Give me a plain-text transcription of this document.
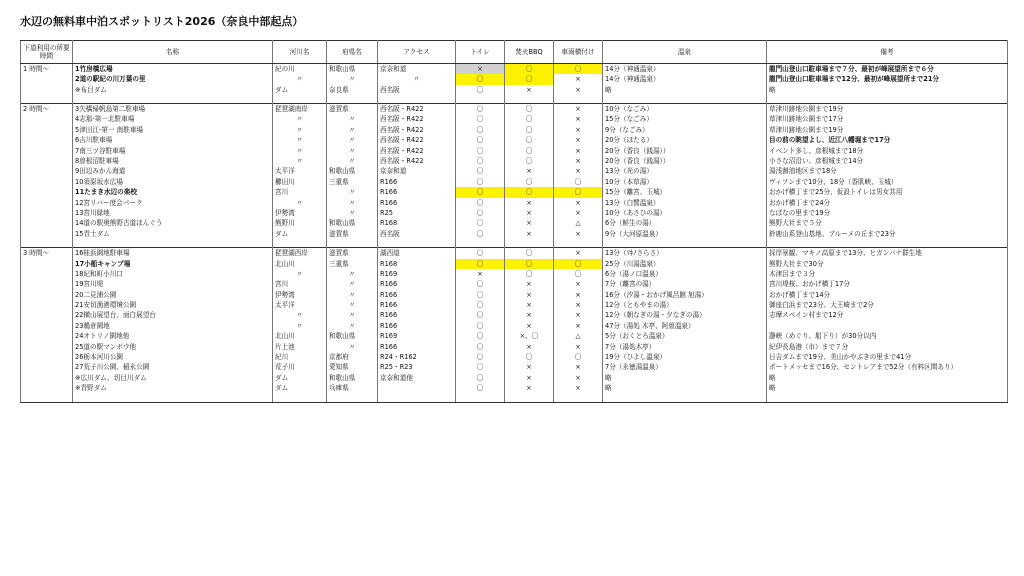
水辺の無料車中泊スポットリスト2026（奈良中部起点）
下道利用の所要時間	名称	河川名	府県名	アクセス	トイレ	焚火BBQ	車両横付け	温泉	備考
1 時間～	1竹房橋広場	紀の川	和歌山県	京奈和道	×	〇	〇	14分（神通温泉）	龍門山登山口駐車場まで７分、最初が峰展望所まで６分
	2道の駅紀の川万葉の里	〃	〃	〃	〇	〇	×	14分（神通温泉）	龍門山登山口駐車場まで12分、最初が峰展望所まで21分
	※布目ダム	ダム	奈良県	西名阪	〇	×	×	略	略

2 時間～	3矢橋帰帆島第二駐車場	琵琶湖南岸	滋賀県	西名阪・R422	〇	〇	×	10分（なごみ）	草津川跡地公園まで19分
	4志那-第一北駐車場	〃	〃	西名阪・R422	〇	〇	×	15分（なごみ）	草津川跡地公園まで17分
	5津田江-第一 南駐車場	〃	〃	西名阪・R422	〇	〇	×	9分（なごみ）	草津川跡地公園まで19分
	6吉川駐車場	〃	〃	西名阪・R422	〇	〇	×	20分（ほたる）	目の前の眺望よし、近江八幡堀まで17分
	7南三ツ谷駐車場	〃	〃	西名阪・R422	〇	〇	×	20分（香良（銭湯））	イベント多し、彦根城まで18分
	8曽根沼駐車場	〃	〃	西名阪・R422	〇	〇	×	20分（香良（銭湯））	小さな沼沿い、彦根城まで14分
	9田辺みかん海道	太平洋	和歌山県	京奈和道	〇	×	×	13分（光の湯）	湯浅醤油地区まで18分
	10須原坂水広場	櫛田川	三重県	R166	〇	〇	〇	10分（本草湯）	ヴィソンまで10分、18分（香肌峡、玉城）
	11たまき水辺の楽校	宮川	〃	R166	〇	〇	〇	15分（離宮、玉城）	おかげ横丁まで25分、仮設トイレは男女共用
	12宮リバー度会パーク	〃	〃	R166	〇	×	×	13分（白鷺温泉）	おかげ横丁まで24分
	13宮川緑地	伊勢湾	〃	R25	〇	×	×	10分（あさひの湯）	なばなの里まで19分
	14道の駅奥熊野古道ほんぐう	熊野川	和歌山県	R168	〇	×	△	6分（鮮生の湯）	熊野大社まで５分
	15青土ダム	ダム	滋賀県	西名阪	〇	×	×	9分（大河原温泉）	鈴鹿山系登山基地、ブルーメの丘まで23分

3 時間～	16桂浜園地駐車場	琵琶湖西岸	滋賀県	湖西道	〇	〇	×	13分（ﾏｷﾉさらさ）	採岸景観、マキノ高原まで13分、ヒガンバナ群生地
	17小船キャンプ場	北山川	三重県	R168	〇	〇	〇	25分（川湯温泉）	熊野大社まで30分
	18紀和町小川口	〃	〃	R169	×	〇	〇	6分（湯ノ口温泉）	木津呂まで３分
	19宮川堤	宮川	〃	R166	〇	×	×	7分（離宮の湯）	宮川堤桜、おかげ横丁17分
	20二見浦公園	伊勢湾	〃	R166	〇	×	×	16分（汐湯・おかげ風呂館 旭湯）	おかげ横丁まで14分
	21安切漁港環境公園	太平洋	〃	R166	〇	×	×	12分（ともやまの湯）	御座白浜まで23分、大王崎まで2分
	22横山展望台、面白展望台	〃	〃	R166	〇	×	×	12分（朝なぎの湯・夕なぎの湯）	志摩スペイン村まで12分
	23鵜倉園地	〃	〃	R166	〇	×	×	47分（湯処 木亭、阿曽温泉）	
	24オトリノ園地他	北山川	和歌山県	R169	〇	×、〇	△	5分（おくとろ温泉）	瀞峡（めぐり、船下り）が30分以内
	25道の駅マンボウ他	片上池	〃	R166	〇	×	×	7分（湯処木亭）	紀伊長島港（市）まで７分
	26栃本河川公園	紀川	京都府	R24・R162	〇	〇	〇	19分（ひよし温泉）	日吉ダムまで19分、美山かやぶきの里まで41分
	27荒子川公園、稲永公園	荒子川	愛知県	R25・R23	〇	×	×	7分（永徳湯温泉）	ポートメッセまで16分、セントレアまで52分（有料区間あり）
	※広川ダム、切目川ダム	ダム	和歌山県	京奈和道他	〇	×	×	略	略
	※青野ダム	ダム	兵庫県		〇	×	×	略	略
